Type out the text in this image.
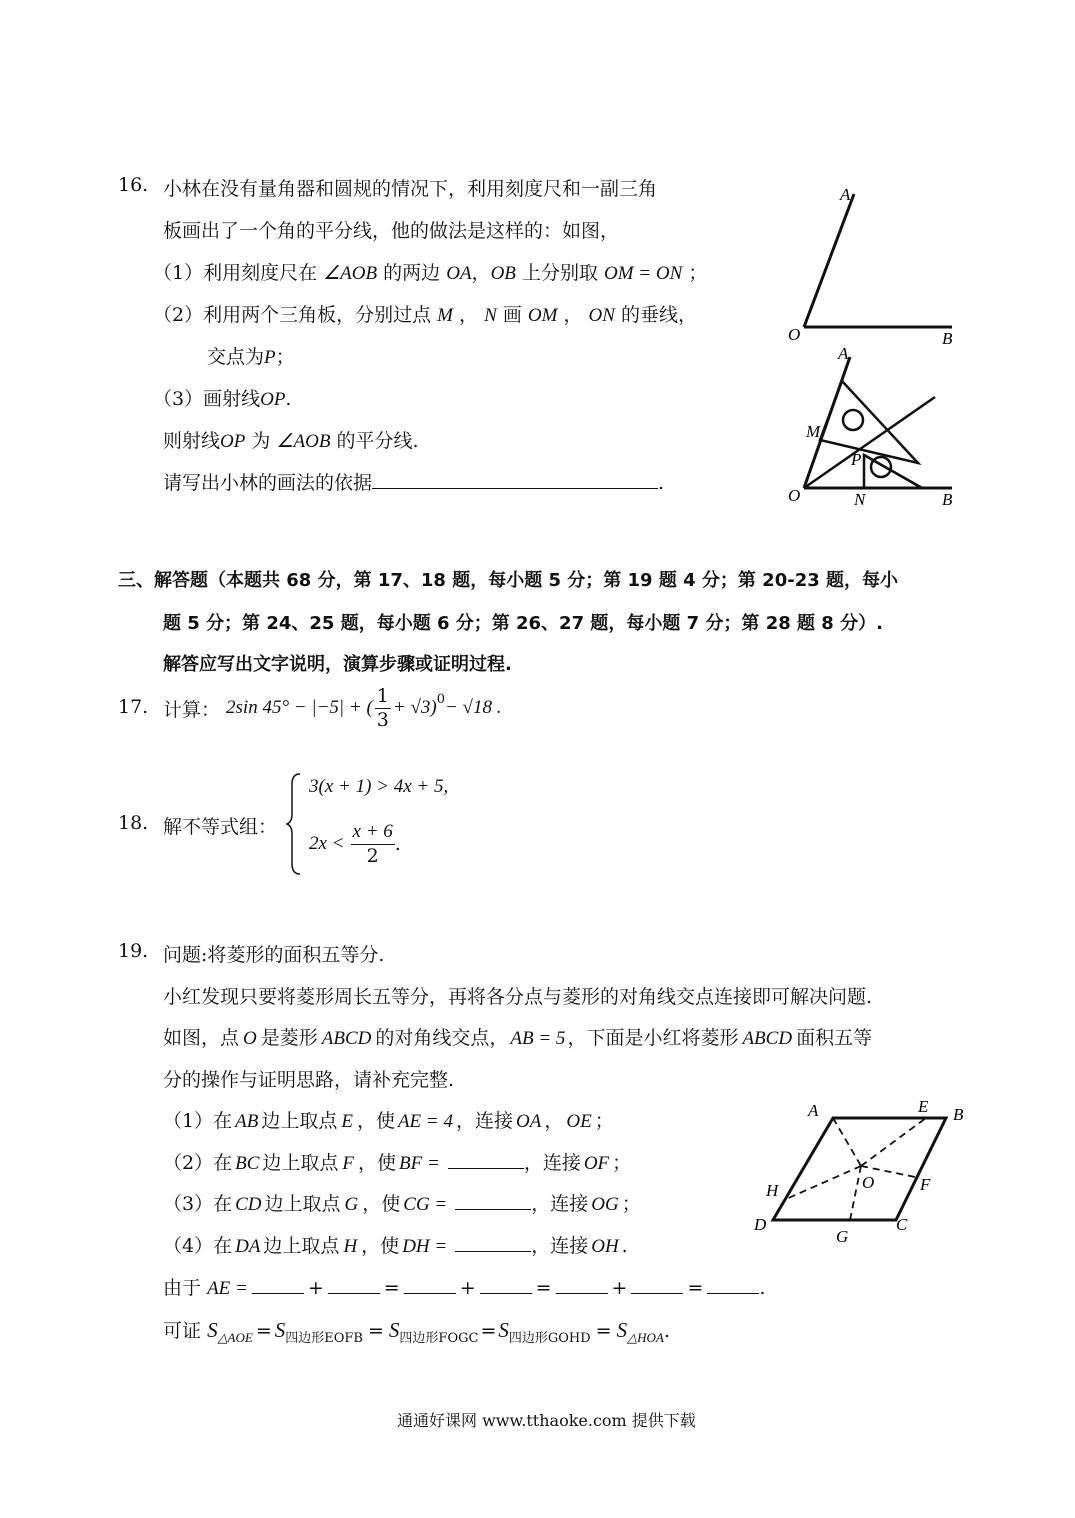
16. 小林在没有量角器和圆规的情况下，利用刻度尺和一副三角
板画出了一个角的平分线，他的做法是这样的：如图，
（1）利用刻度尺在 ∠AOB 的两边 OA，OB 上分别取 OM = ON ；
（2）利用两个三角板，分别过点 M ， N 画 OM ， ON 的垂线，
交点为P；
（3）画射线OP.
则射线OP 为 ∠AOB 的平分线.
请写出小林的画法的依据	.
A
O	B
A
M
P
O	N	B
三、解答题（本题共 68 分，第 17、18 题，每小题 5 分；第 19 题 4 分；第 20-23 题，每小
题 5 分；第 24、25 题，每小题 6 分；第 26、27 题，每小题 7 分；第 28 题 8 分）.
解答应写出文字说明，演算步骤或证明过程.
17. 计算： 2sin 45° − |−5| + ( $\frac{1}{3} + √3)^0 - √18$ .
18. 解不等式组：
3(x + 1) > 4x + 5,
$2x < \frac{x + 6}{2}$ .
19. 问题:将菱形的面积五等分.
小红发现只要将菱形周长五等分，再将各分点与菱形的对角线交点连接即可解决问题.
如图，点 O 是菱形 ABCD 的对角线交点， AB = 5 ，下面是小红将菱形 ABCD 面积五等
分的操作与证明思路，请补充完整.
（1）在 AB 边上取点 E ，使 AE = 4 ，连接 OA ， OE ；
（2）在 BC 边上取点 F ，使 BF =	，连接 OF ；
（3）在 CD 边上取点 G ，使 CG =	，连接 OG ；
（4）在 DA 边上取点 H ，使 DH =	，连接 OH .
由于 AE =	+	=	+	=	+	=	.
可证 $S_{\triangle AOE} = S_{四边形EOFB} = S_{四边形FOGC} =S_{四边形GOHD} = S_{\triangle HOA}$.
A	E B
H	O	F
D
G
C
通通好课网 www.tthaoke.com 提供下载
